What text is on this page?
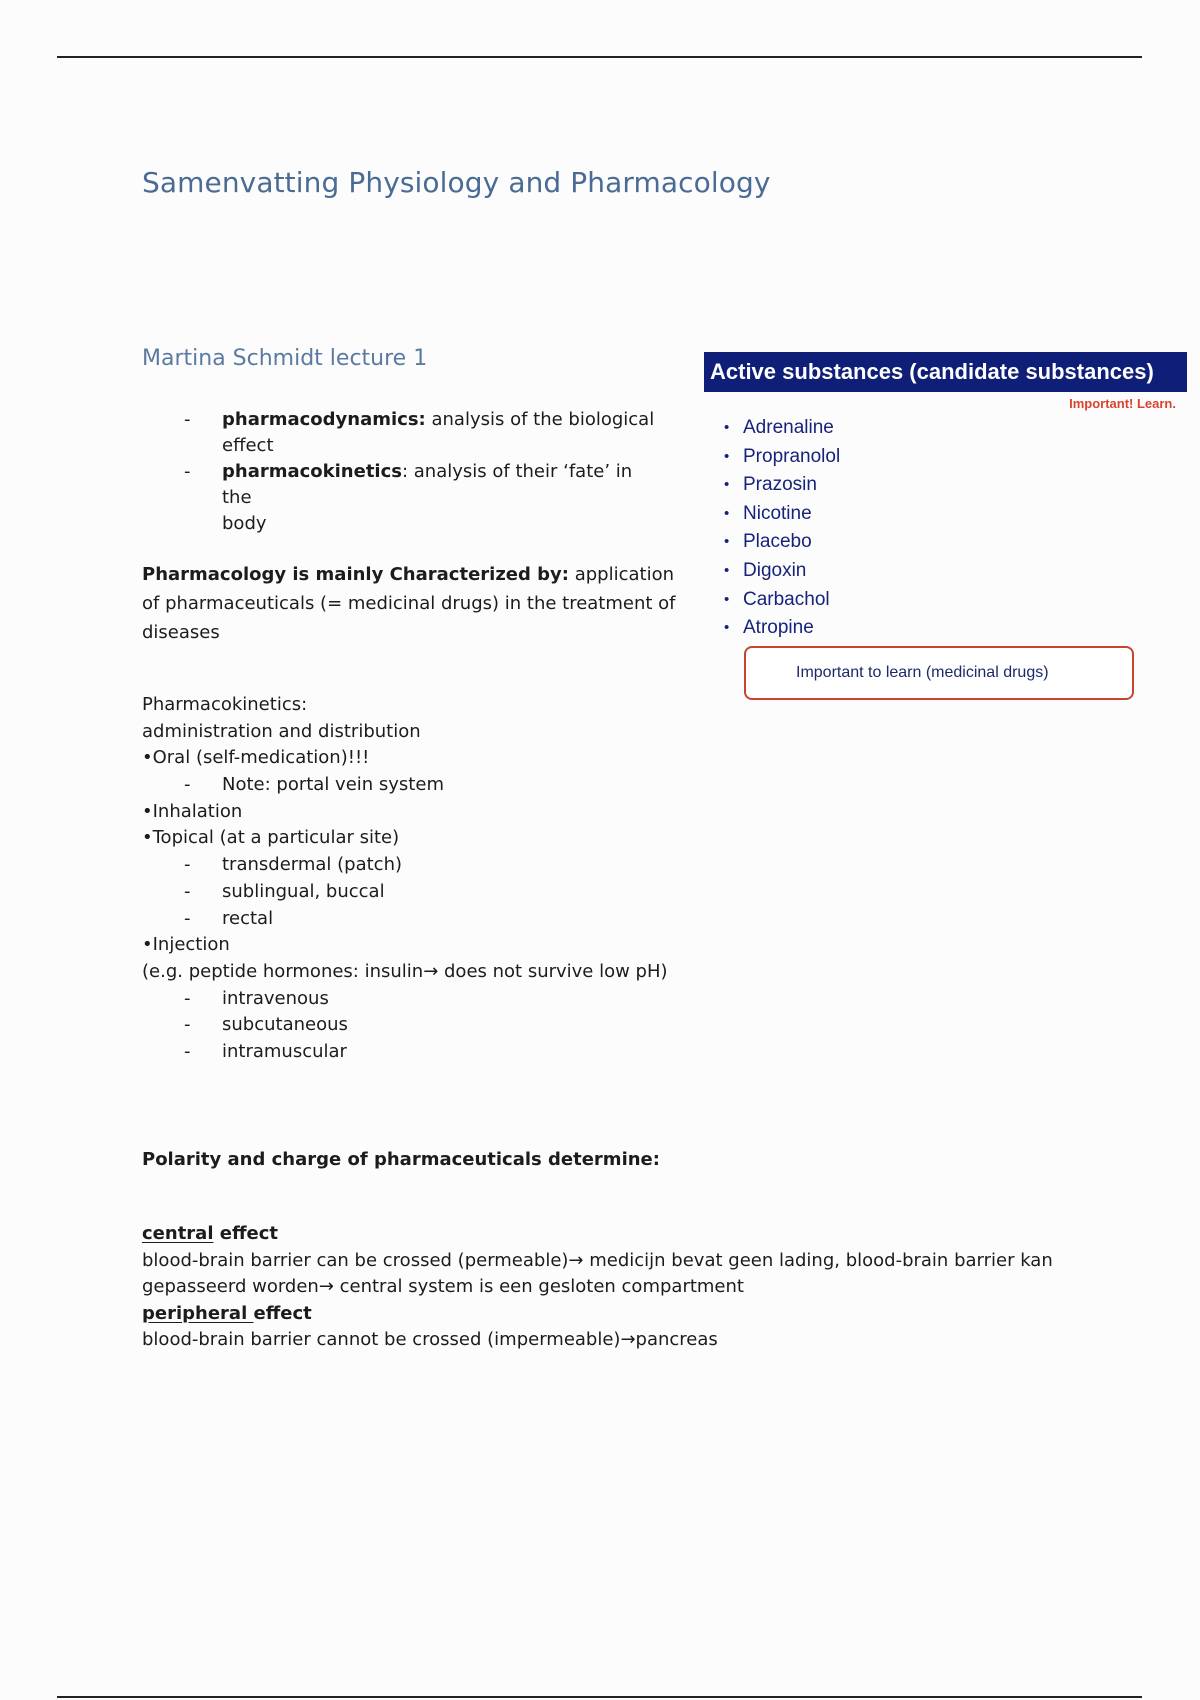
Samenvatting Physiology and Pharmacology
Martina Schmidt lecture 1
- pharmacodynamics: analysis of the biological
effect
- pharmacokinetics: analysis of their ‘fate’ in the
body

Pharmacology is mainly Characterized by: application of pharmaceuticals (= medicinal drugs) in the treatment of diseases

Pharmacokinetics:
administration and distribution
•Oral (self-medication)!!!
- Note: portal vein system
•Inhalation
•Topical (at a particular site)
- transdermal (patch)
- sublingual, buccal
- rectal
•Injection
(e.g. peptide hormones: insulin→ does not survive low pH)
- intravenous
- subcutaneous
- intramuscular

Polarity and charge of pharmaceuticals determine:

central effect
blood-brain barrier can be crossed (permeable)→ medicijn bevat geen lading, blood-brain barrier kan
gepasseerd worden→ central system is een gesloten compartment
peripheral effect
blood-brain barrier cannot be crossed (impermeable)→pancreas
Active substances (candidate substances)

Important! Learn.

• Adrenaline
• Propranolol
• Prazosin
• Nicotine
• Placebo
• Digoxin
• Carbachol
• Atropine
Important to learn (medicinal drugs)
